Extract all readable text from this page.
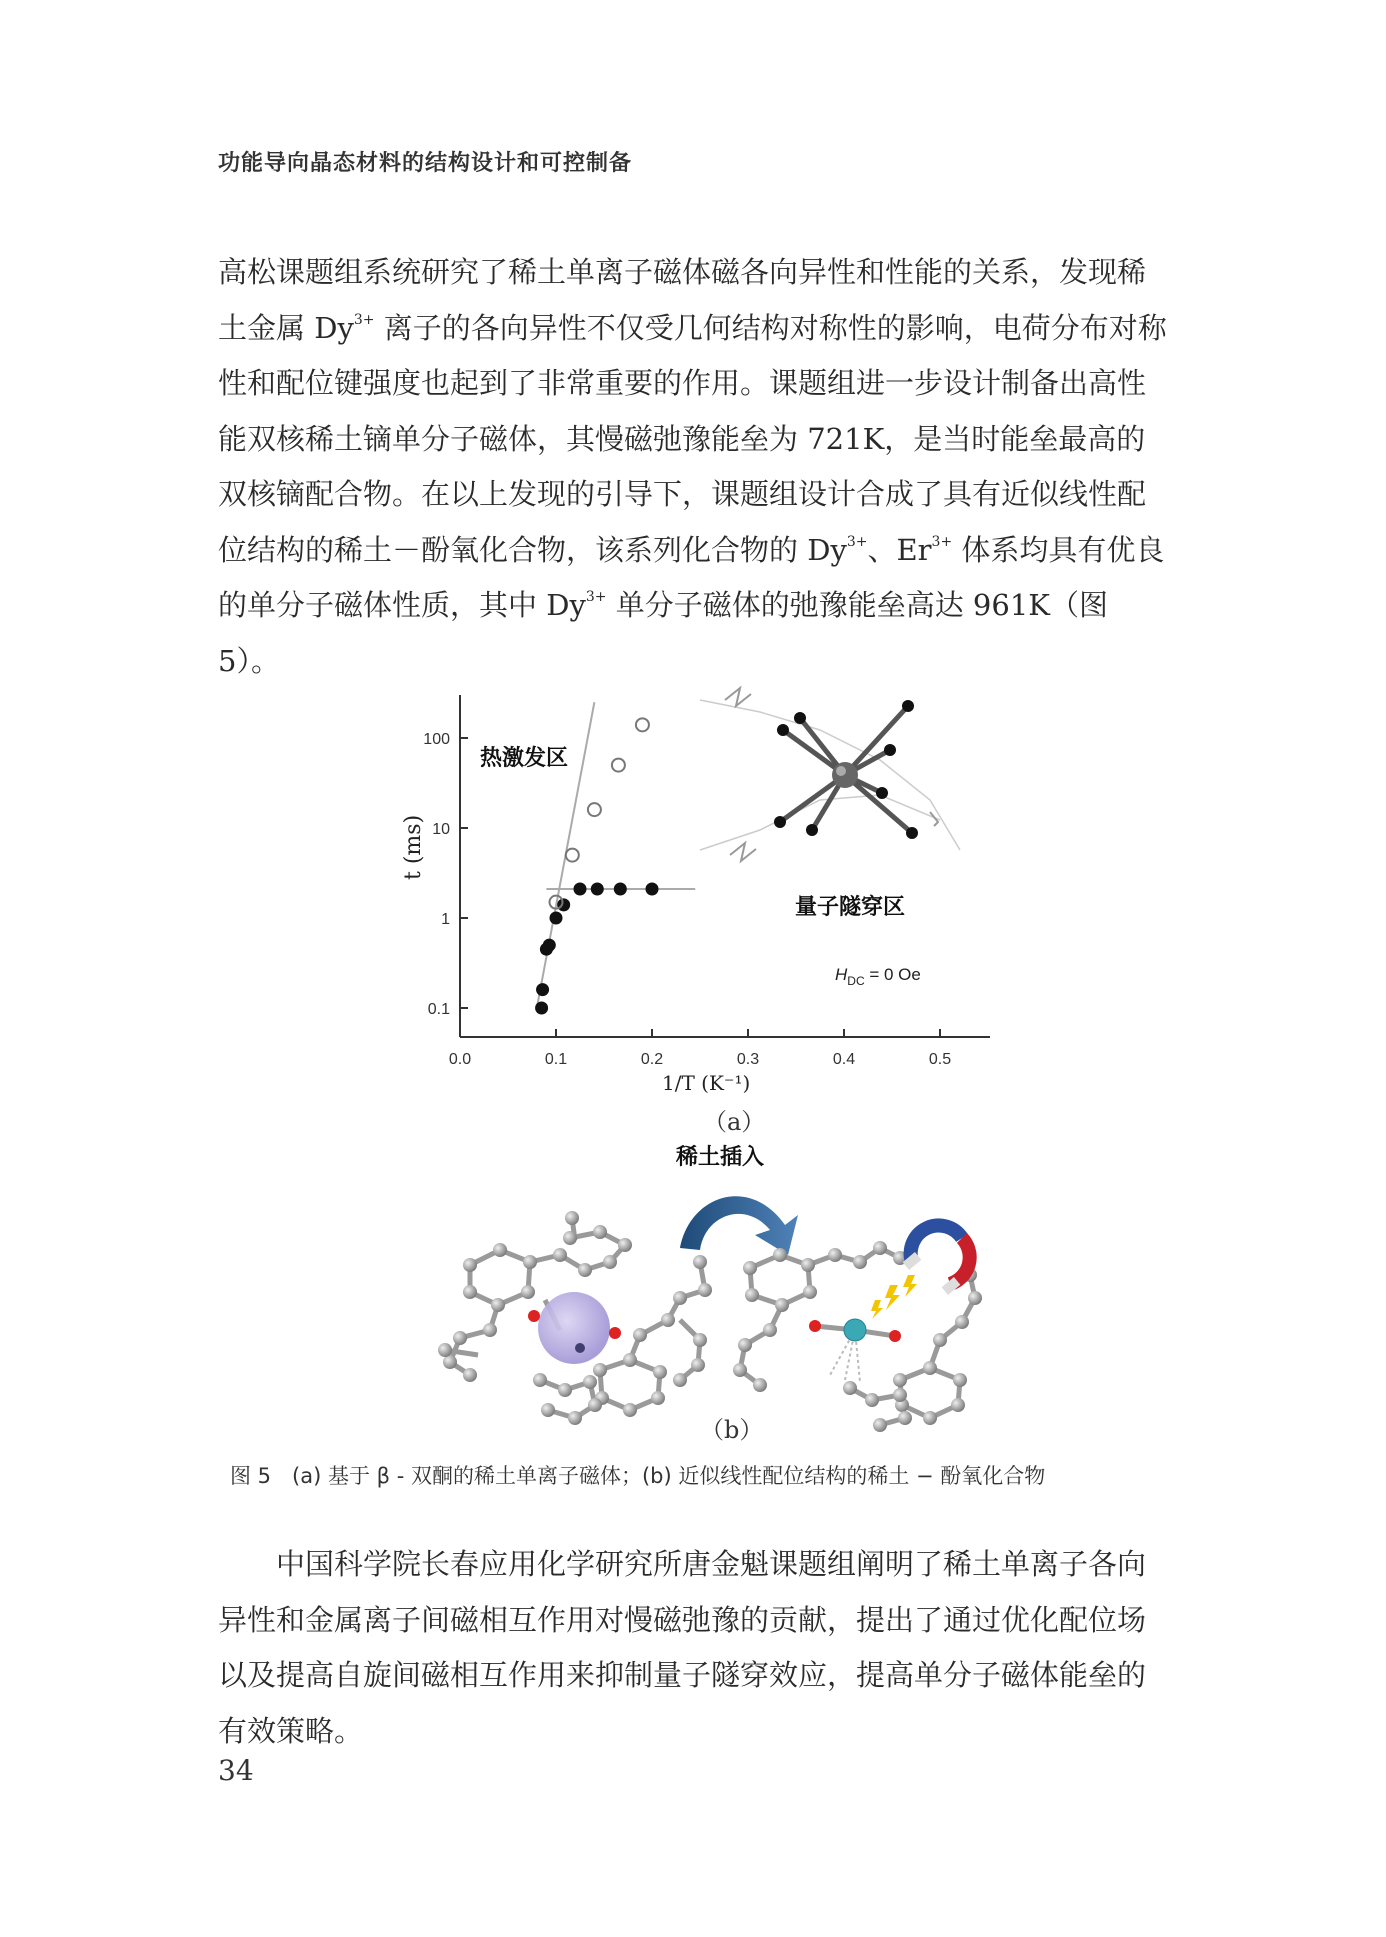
功能导向晶态材料的结构设计和可控制备
高松课题组系统研究了稀土单离子磁体磁各向异性和性能的关系，发现稀
土金属 $Dy^{3+}$ 离子的各向异性不仅受几何结构对称性的影响，电荷分布对称
性和配位键强度也起到了非常重要的作用。课题组进一步设计制备出高性
能双核稀土镝单分子磁体，其慢磁弛豫能垒为 721K，是当时能垒最高的
双核镝配合物。在以上发现的引导下，课题组设计合成了具有近似线性配
位结构的稀土－酚氧化合物，该系列化合物的 $Dy^{3+}$、$Er^{3+}$ 体系均具有优良
的单分子磁体性质，其中 $Dy^{3+}$ 单分子磁体的弛豫能垒高达 961K（图 5）。
100
10
1
0.1
0.0	0.1	0.2	0.3	0.4	0.5
热激发区
量子隧穿区
$H_{DC} = 0$ Oe
t (ms)
1/T (K⁻¹)
稀土插入
（a）
（b）
图 5　(a) 基于 β - 双酮的稀土单离子磁体；(b) 近似线性配位结构的稀土 − 酚氧化合物
中国科学院长春应用化学研究所唐金魁课题组阐明了稀土单离子各向
异性和金属离子间磁相互作用对慢磁弛豫的贡献，提出了通过优化配位场
以及提高自旋间磁相互作用来抑制量子隧穿效应，提高单分子磁体能垒的
有效策略。
34
